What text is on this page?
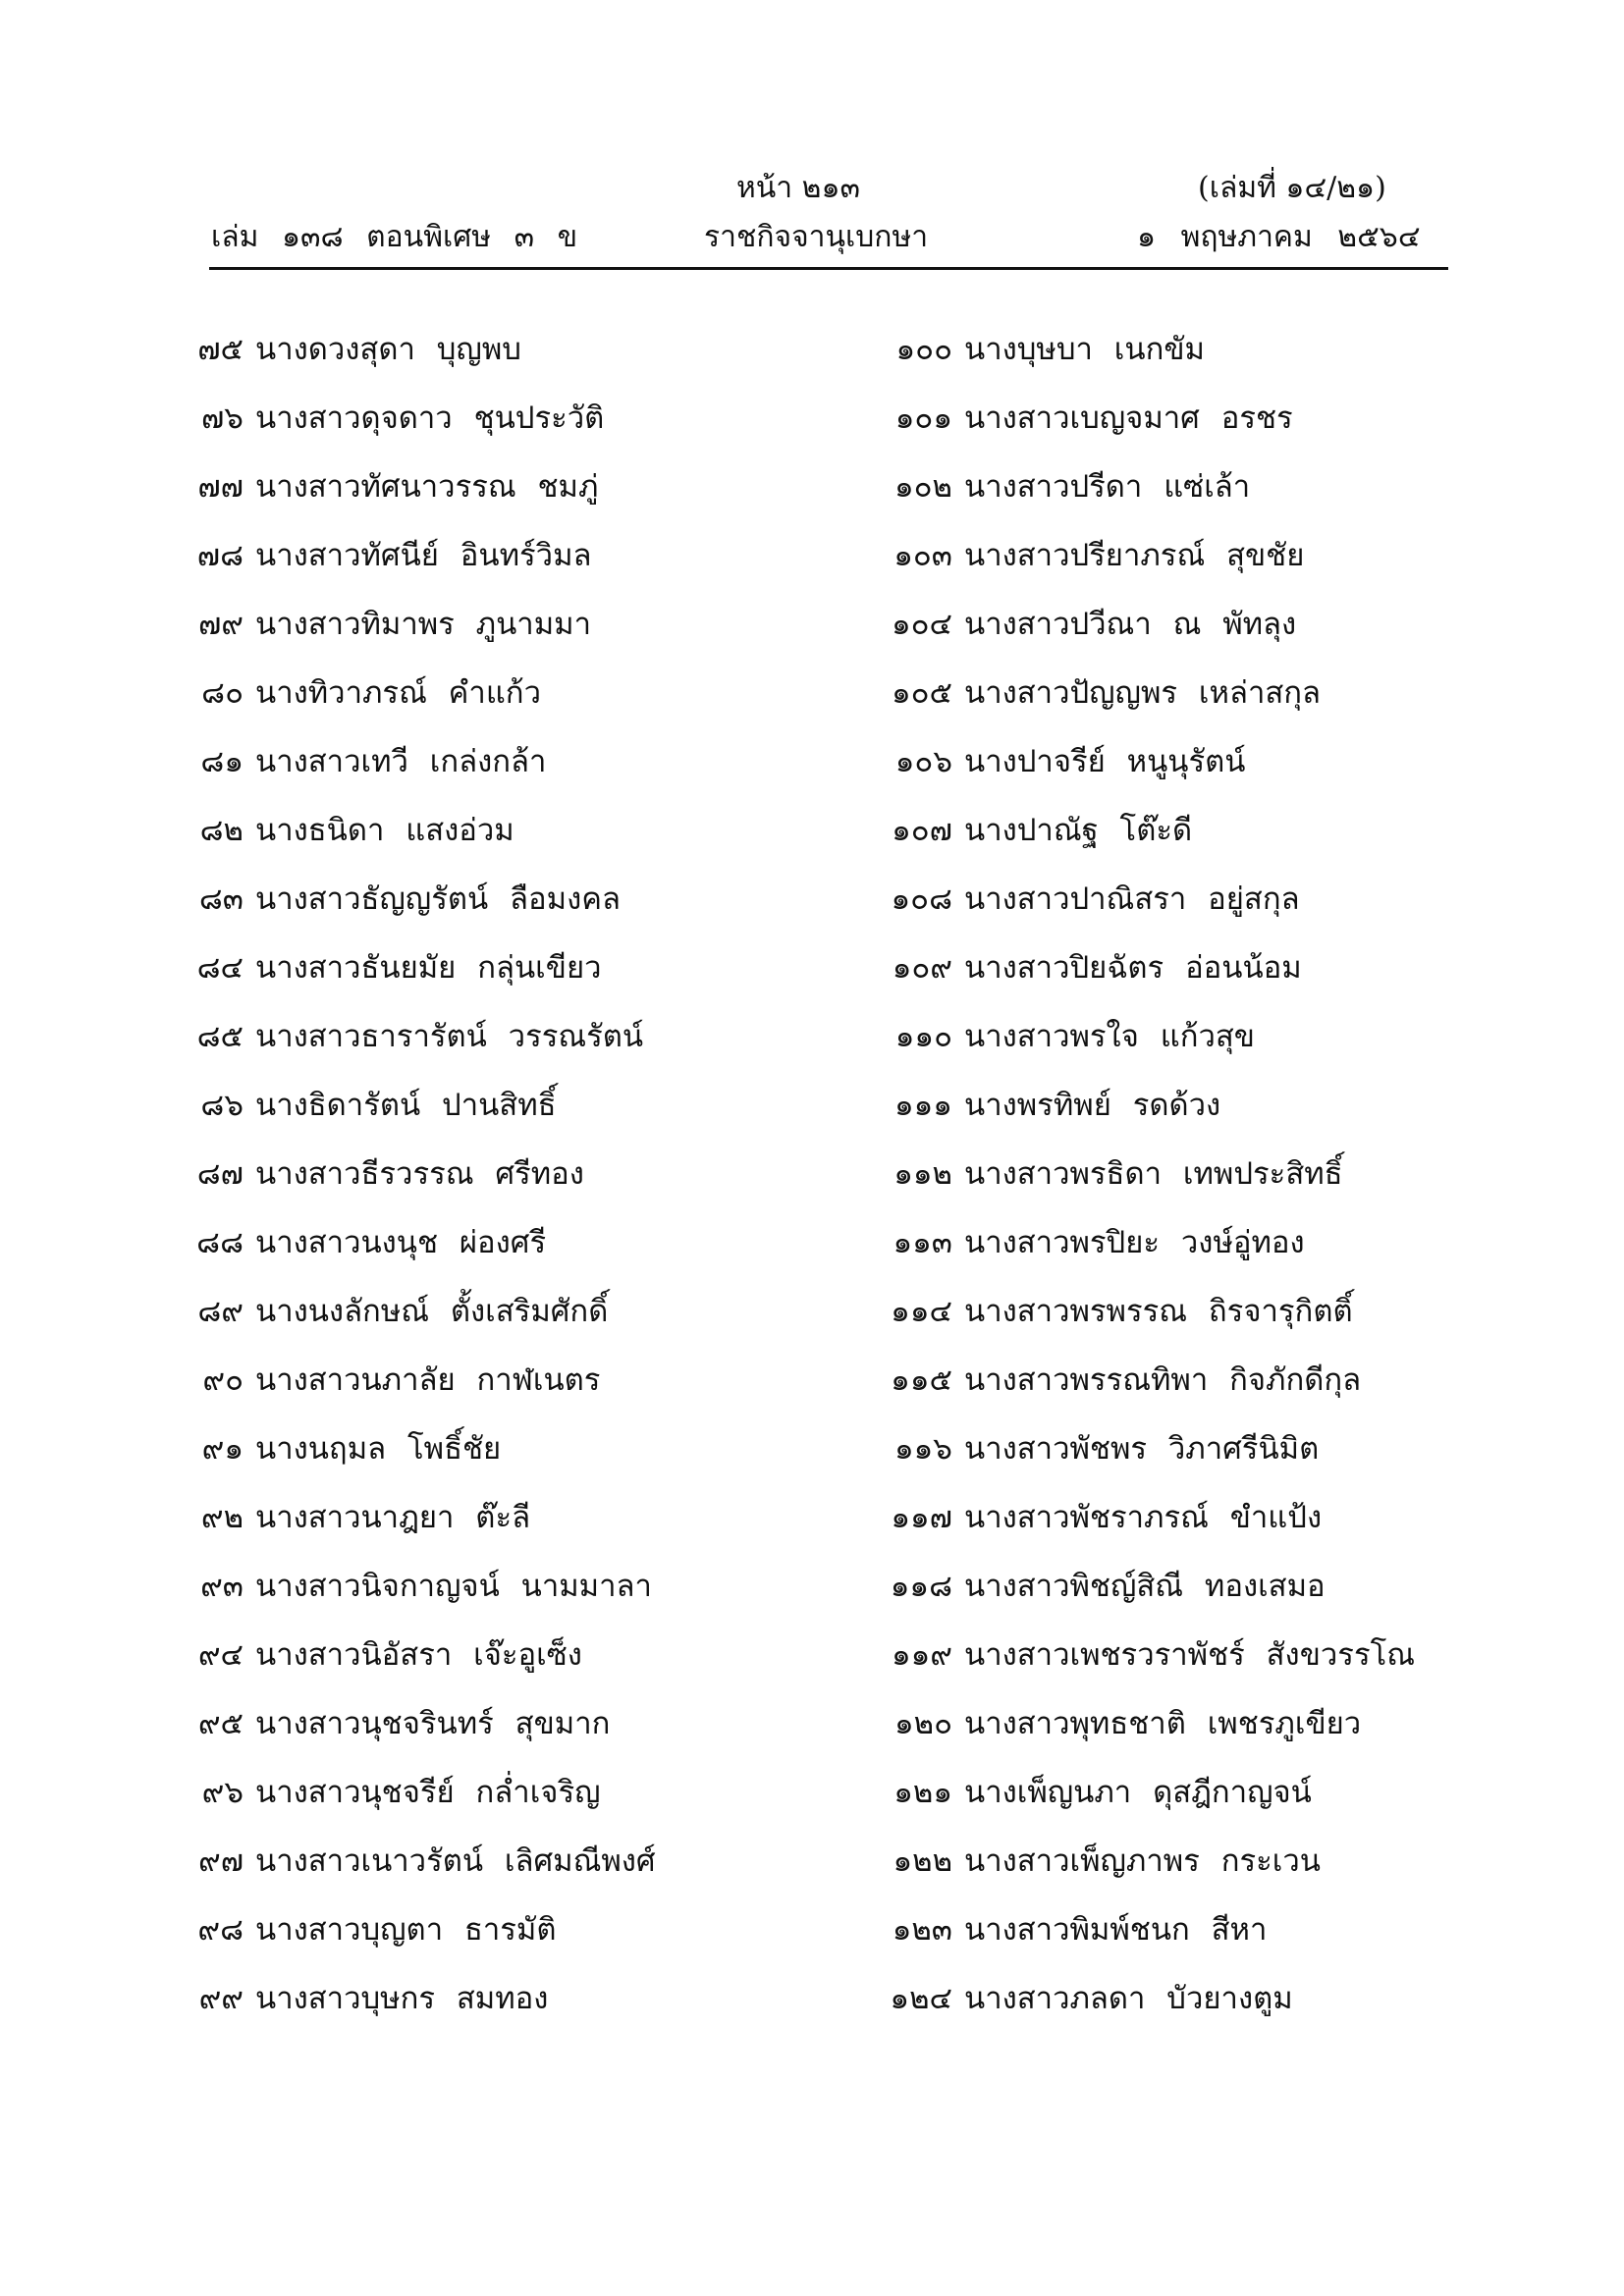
หน้า ๒๑๓	(เล่มที่ ๑๔/๒๑)
เล่ม ๑๓๘ ตอนพิเศษ ๓ ข	ราชกิจจานุเบกษา	๑ พฤษภาคม ๒๕๖๔
๗๕ นางดวงสุดา บุญพบ
๗๖ นางสาวดุจดาว ชุนประวัติ
๗๗ นางสาวทัศนาวรรณ ชมภู่
๗๘ นางสาวทัศนีย์ อินทร์วิมล
๗๙ นางสาวทิมาพร ภูนามมา
๘๐ นางทิวาภรณ์ คำแก้ว
๘๑ นางสาวเทวี เกล่งกล้า
๘๒ นางธนิดา แสงอ่วม
๘๓ นางสาวธัญญรัตน์ ลือมงคล
๘๔ นางสาวธันยมัย กลุ่นเขียว
๘๕ นางสาวธารารัตน์ วรรณรัตน์
๘๖ นางธิดารัตน์ ปานสิทธิ์
๘๗ นางสาวธีรวรรณ ศรีทอง
๘๘ นางสาวนงนุช ผ่องศรี
๘๙ นางนงลักษณ์ ตั้งเสริมศักดิ์
๙๐ นางสาวนภาลัย กาฬเนตร
๙๑ นางนฤมล โพธิ์ชัย
๙๒ นางสาวนาฎยา ต๊ะลี
๙๓ นางสาวนิจกาญจน์ นามมาลา
๙๔ นางสาวนิอัสรา เจ๊ะอูเซ็ง
๙๕ นางสาวนุชจรินทร์ สุขมาก
๙๖ นางสาวนุชจรีย์ กล่ำเจริญ
๙๗ นางสาวเนาวรัตน์ เลิศมณีพงศ์
๙๘ นางสาวบุญตา ธารมัติ
๙๙ นางสาวบุษกร สมทอง
๑๐๐ นางบุษบา เนกขัม
๑๐๑ นางสาวเบญจมาศ อรชร
๑๐๒ นางสาวปรีดา แซ่เล้า
๑๐๓ นางสาวปรียาภรณ์ สุขชัย
๑๐๔ นางสาวปวีณา ณ พัทลุง
๑๐๕ นางสาวปัญญพร เหล่าสกุล
๑๐๖ นางปาจรีย์ หนูนุรัตน์
๑๐๗ นางปาณัฐ โต๊ะดี
๑๐๘ นางสาวปาณิสรา อยู่สกุล
๑๐๙ นางสาวปิยฉัตร อ่อนน้อม
๑๑๐ นางสาวพรใจ แก้วสุข
๑๑๑ นางพรทิพย์ รดด้วง
๑๑๒ นางสาวพรธิดา เทพประสิทธิ์
๑๑๓ นางสาวพรปิยะ วงษ์อู่ทอง
๑๑๔ นางสาวพรพรรณ ถิรจารุกิตติ์
๑๑๕ นางสาวพรรณทิพา กิจภักดีกุล
๑๑๖ นางสาวพัชพร วิภาศรีนิมิต
๑๑๗ นางสาวพัชราภรณ์ ขำแป้ง
๑๑๘ นางสาวพิชญ์สิณี ทองเสมอ
๑๑๙ นางสาวเพชรวราพัชร์ สังขวรรโณ
๑๒๐ นางสาวพุทธชาติ เพชรภูเขียว
๑๒๑ นางเพ็ญนภา ดุสฎีกาญจน์
๑๒๒ นางสาวเพ็ญภาพร กระเวน
๑๒๓ นางสาวพิมพ์ชนก สีหา
๑๒๔ นางสาวภลดา บัวยางตูม
